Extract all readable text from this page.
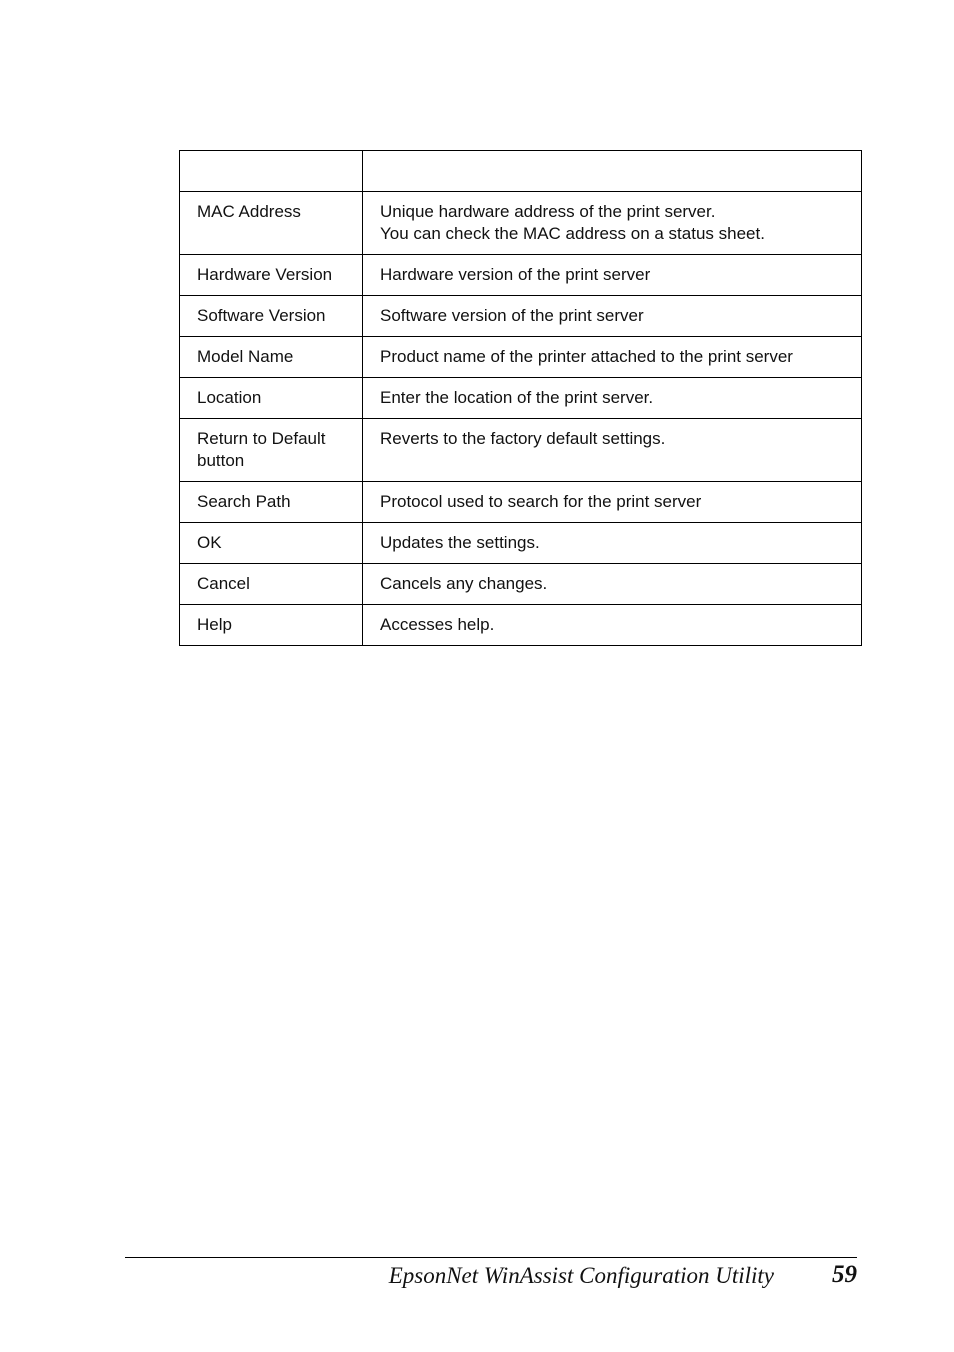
MAC Address	Unique hardware address of the print server.
You can check the MAC address on a status sheet.

Hardware Version	Hardware version of the print server

Software Version	Software version of the print server

Model Name	Product name of the printer attached to the print server

Location	Enter the location of the print server.

Return to Default
button	Reverts to the factory default settings.

Search Path	Protocol used to search for the print server

OK	Updates the settings.

Cancel	Cancels any changes.

Help	Accesses help.
EpsonNet WinAssist Configuration Utility 59
